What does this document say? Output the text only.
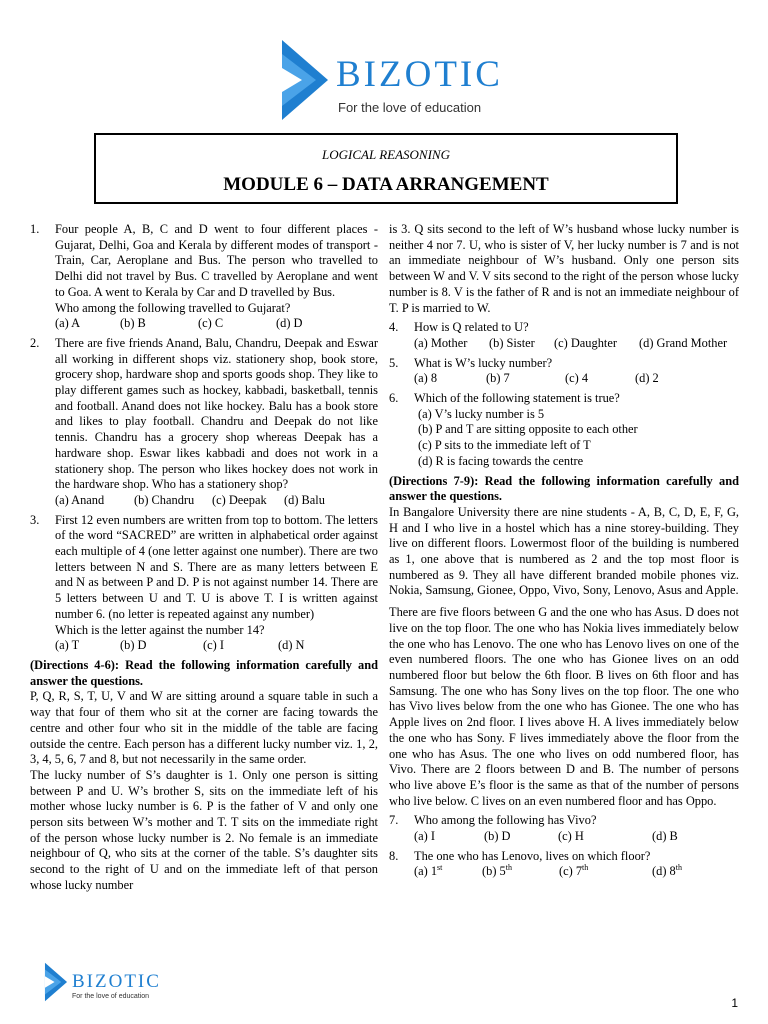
BIZOTIC
For the love of education
LOGICAL REASONING
MODULE 6 – DATA ARRANGEMENT
1. Four people A, B, C and D went to four different places - Gujarat, Delhi, Goa and Kerala by different modes of transport - Train, Car, Aeroplane and Bus. The person who travelled to Delhi did not travel by Bus. C travelled by Aeroplane and went to Goa. A went to Kerala by Car and D travelled by Bus.

Who among the following travelled to Gujarat?

(a) A	(b) B	(c) C	(d) D
2. There are five friends Anand, Balu, Chandru, Deepak and Eswar all working in different shops viz. stationery shop, book store, grocery shop, hardware shop and sports goods shop. They like to play different games such as hockey, kabbadi, basketball, tennis and football. Anand does not like hockey. Balu has a book store and likes to play football. Chandru and Deepak do not like tennis. Chandru has a grocery shop whereas Deepak has a hardware shop. Eswar likes kabbadi and does not work in a stationery shop. The person who likes hockey does not work in the hardware shop. Who has a stationery shop?

(a) Anand	(b) Chandru	(c) Deepak	(d) Balu
3. First 12 even numbers are written from top to bottom. The letters of the word “SACRED” are written in alphabetical order against each multiple of 4 (one letter against one number). There are two letters between N and S. There are as many letters between E and N as between P and D. P is not against number 14. There are 5 letters between U and T. U is above T. I is written against number 6. (no letter is repeated against any number)

Which is the letter against the number 14?

(a) T	(b) D	(c) I	(d) N

(Directions 4-6): Read the following information carefully and answer the questions.

P, Q, R, S, T, U, V and W are sitting around a square table in such a way that four of them who sit at the corner are facing towards the centre and other four who sit in the middle of the table are facing outside the centre. Each person has a different lucky number viz. 1, 2, 3, 4, 5, 6, 7 and 8, but not necessarily in the same order.

The lucky number of S’s daughter is 1. Only one person is sitting between P and U. W’s brother S, sits on the immediate left of his mother whose lucky number is 6. P is the father of V and only one person sits between W’s mother and T. T sits on the immediate right of the person whose lucky number is 2. No female is an immediate neighbour of Q, who sits at the corner of the table. S’s daughter sits second to the right of U and on the immediate left of that person whose lucky number

is 3. Q sits second to the left of W’s husband whose lucky number is neither 4 nor 7. U, who is sister of V, her lucky number is 7 and is not an immediate neighbour of W’s husband. Only one person sits between W and V. V sits second to the right of the person whose lucky number is 8. V is the father of R and is not an immediate neighbour of T. P is married to W.

4. How is Q related to U?

(a) Mother	(b) Sister	(c) Daughter	(d) Grand Mother
5. What is W’s lucky number?

(a) 8	(b) 7	(c) 4	(d) 2
6. Which of the following statement is true?

(a) V’s lucky number is 5

(b) P and T are sitting opposite to each other

(c) P sits to the immediate left of T

(d) R is facing towards the centre

(Directions 7-9): Read the following information carefully and answer the questions.

In Bangalore University there are nine students - A, B, C, D, E, F, G, H and I who live in a hostel which has a nine storey-building. They live on different floors. Lowermost floor of the building is numbered as 1, one above that is numbered as 2 and the top most floor is numbered as 9. They all have different branded mobile phones viz. Nokia, Samsung, Gionee, Oppo, Vivo, Sony, Lenovo, Asus and Apple.

There are five floors between G and the one who has Asus. D does not live on the top floor. The one who has Nokia lives immediately below the one who has Lenovo. The one who has Lenovo lives on one of the even numbered floors. The one who has Gionee lives on an odd numbered floor but below the 6th floor. B lives on 6th floor and has Samsung. The one who has Sony lives on the top floor. The one who has Vivo lives below from the one who has Gionee. The one who has Apple lives on 2nd floor. I lives above H. A lives immediately below the one who has Sony. F lives immediately above the floor from the one who has Asus. The one who lives on odd numbered floor, has Vivo. There are 2 floors between D and B. The number of persons who live above E’s floor is the same as that of the number of persons who live below. C lives on an even numbered floor and has Oppo.

7. Who among the following has Vivo?

(a) I	(b) D	(c) H	(d) B
8. The one who has Lenovo, lives on which floor?

(a) 1st	(b) 5th	(c) 7th	(d) 8th
BIZOTIC
For the love of education	1
